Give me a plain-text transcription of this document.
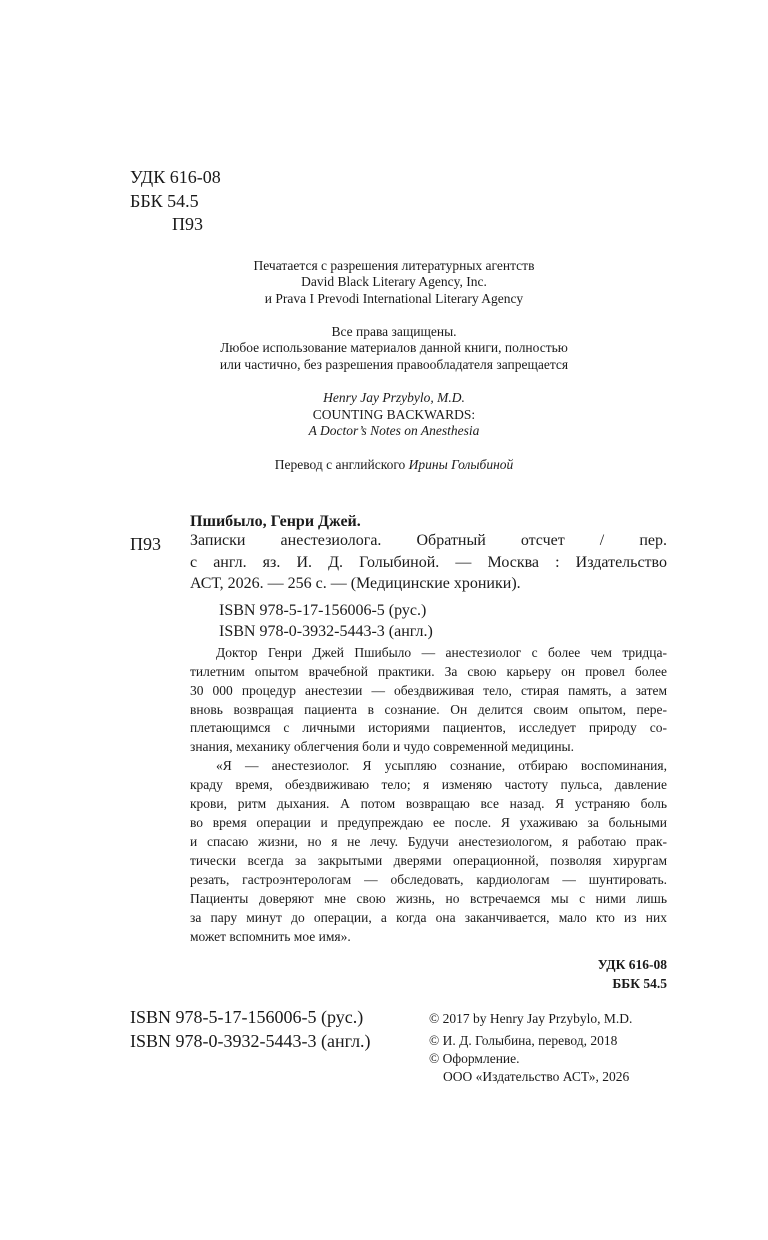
УДК 616-08
ББК 54.5
П93
Печатается с разрешения литературных агентств
David Black Literary Agency, Inc.
и Prava I Prevodi International Literary Agency
Все права защищены.
Любое использование материалов данной книги, полностью
или частично, без разрешения правообладателя запрещается
Henry Jay Przybylo, M.D.
COUNTING BACKWARDS:
A Doctor’s Notes on Anesthesia
Перевод с английского Ирины Голыбиной
Пшибыло, Генри Джей.
П93 Записки анестезиолога. Обратный отсчет / пер.
с англ. яз. И. Д. Голыбиной. — Москва : Издательство
АСТ, 2026. — 256 с. — (Медицинские хроники).
ISBN 978-5-17-156006-5 (рус.)
ISBN 978-0-3932-5443-3 (англ.)
Доктор Генри Джей Пшибыло — анестезиолог с более чем тридца-
тилетним опытом врачебной практики. За свою карьеру он провел более
30 000 процедур анестезии — обездвиживая тело, стирая память, а затем
вновь возвращая пациента в сознание. Он делится своим опытом, пере-
плетающимся с личными историями пациентов, исследует природу со-
знания, механику облегчения боли и чудо современной медицины.
«Я — анестезиолог. Я усыпляю сознание, отбираю воспоминания,
краду время, обездвиживаю тело; я изменяю частоту пульса, давление
крови, ритм дыхания. А потом возвращаю все назад. Я устраняю боль
во время операции и предупреждаю ее после. Я ухаживаю за больными
и спасаю жизни, но я не лечу. Будучи анестезиологом, я работаю прак-
тически всегда за закрытыми дверями операционной, позволяя хирургам
резать, гастроэнтерологам — обследовать, кардиологам — шунтировать.
Пациенты доверяют мне свою жизнь, но встречаемся мы с ними лишь
за пару минут до операции, а когда она заканчивается, мало кто из них
может вспомнить мое имя».
УДК 616-08
ББК 54.5
ISBN 978-5-17-156006-5 (рус.)
ISBN 978-0-3932-5443-3 (англ.)
© 2017 by Henry Jay Przybylo, M.D.
© И. Д. Голыбина, перевод, 2018
© Оформление.
ООО «Издательство АСТ», 2026
